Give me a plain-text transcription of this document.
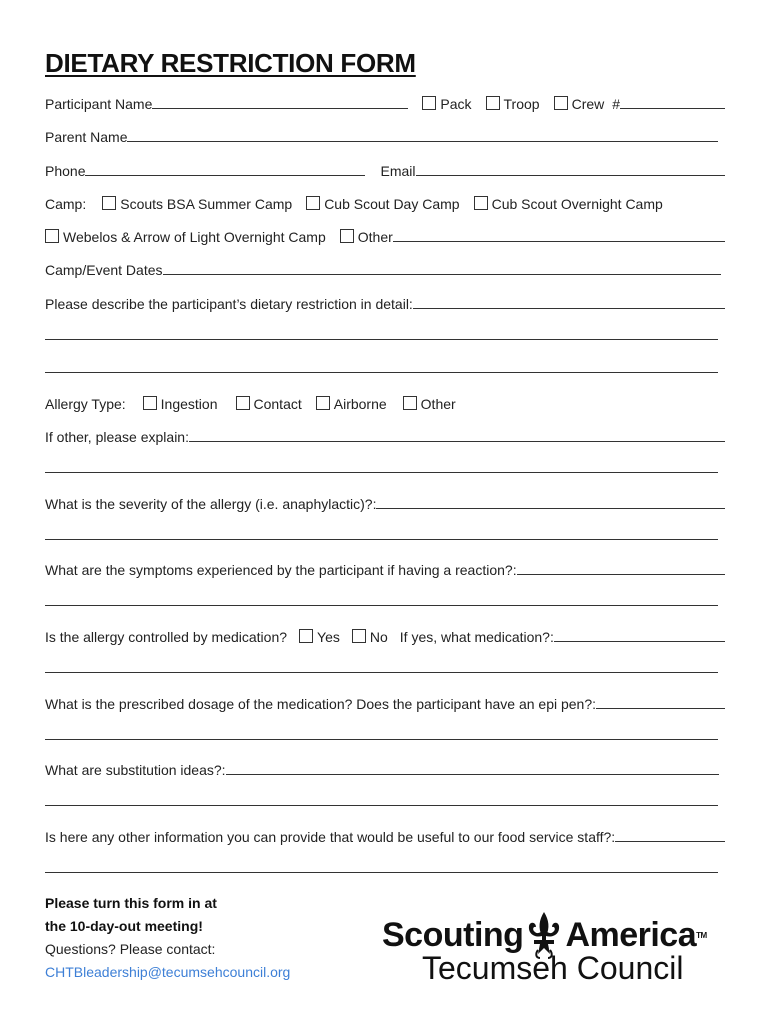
DIETARY RESTRICTION FORM
Participant Name	Pack Troop Crew #
Parent Name
Phone	Email
Camp: Scouts BSA Summer Camp Cub Scout Day Camp Cub Scout Overnight Camp
Webelos & Arrow of Light Overnight Camp Other
Camp/Event Dates
Please describe the participant’s dietary restriction in detail:
Allergy Type:	Ingestion	Contact Airborne Other
If other, please explain:
What is the severity of the allergy (i.e. anaphylactic)?:
What are the symptoms experienced by the participant if having a reaction?:
Is the allergy controlled by medication? Yes No If yes, what medication?:
What is the prescribed dosage of the medication? Does the participant have an epi pen?:
What are substitution ideas?:
Is here any other information you can provide that would be useful to our food service staff?:
Please turn this form in at
the 10-day-out meeting!
Questions? Please contact:
CHTBleadership@tecumsehcouncil.org
Scouting America TM
Tecumseh Council
